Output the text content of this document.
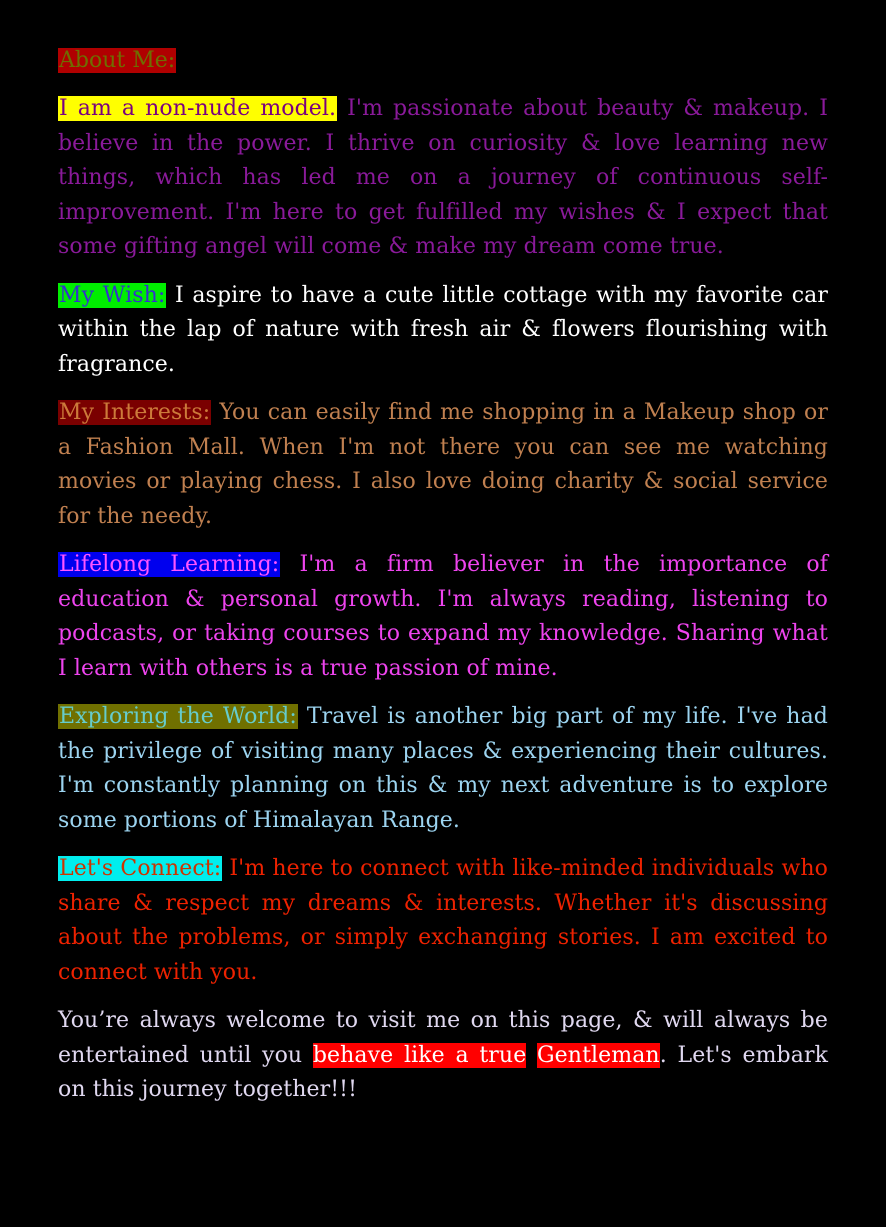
About Me:

I am a non-nude model. I'm passionate about beauty & makeup. I believe in the power. I thrive on curiosity & love learning new things, which has led me on a journey of continuous self-improvement. I'm here to get fulfilled my wishes & I expect that some gifting angel will come & make my dream come true.

My Wish: I aspire to have a cute little cottage with my favorite car within the lap of nature with fresh air & flowers flourishing with fragrance.

My Interests: You can easily find me shopping in a Makeup shop or a Fashion Mall. When I'm not there you can see me watching movies or playing chess. I also love doing charity & social service for the needy.

Lifelong Learning: I'm a firm believer in the importance of education & personal growth. I'm always reading, listening to podcasts, or taking courses to expand my knowledge. Sharing what I learn with others is a true passion of mine.

Exploring the World: Travel is another big part of my life. I've had the privilege of visiting many places & experiencing their cultures. I'm constantly planning on this & my next adventure is to explore some portions of Himalayan Range.

Let's Connect: I'm here to connect with like-minded individuals who share & respect my dreams & interests. Whether it's discussing about the problems, or simply exchanging stories. I am excited to connect with you.

You’re always welcome to visit me on this page, & will always be entertained until you behave like a true Gentleman. Let's embark on this journey together!!!
